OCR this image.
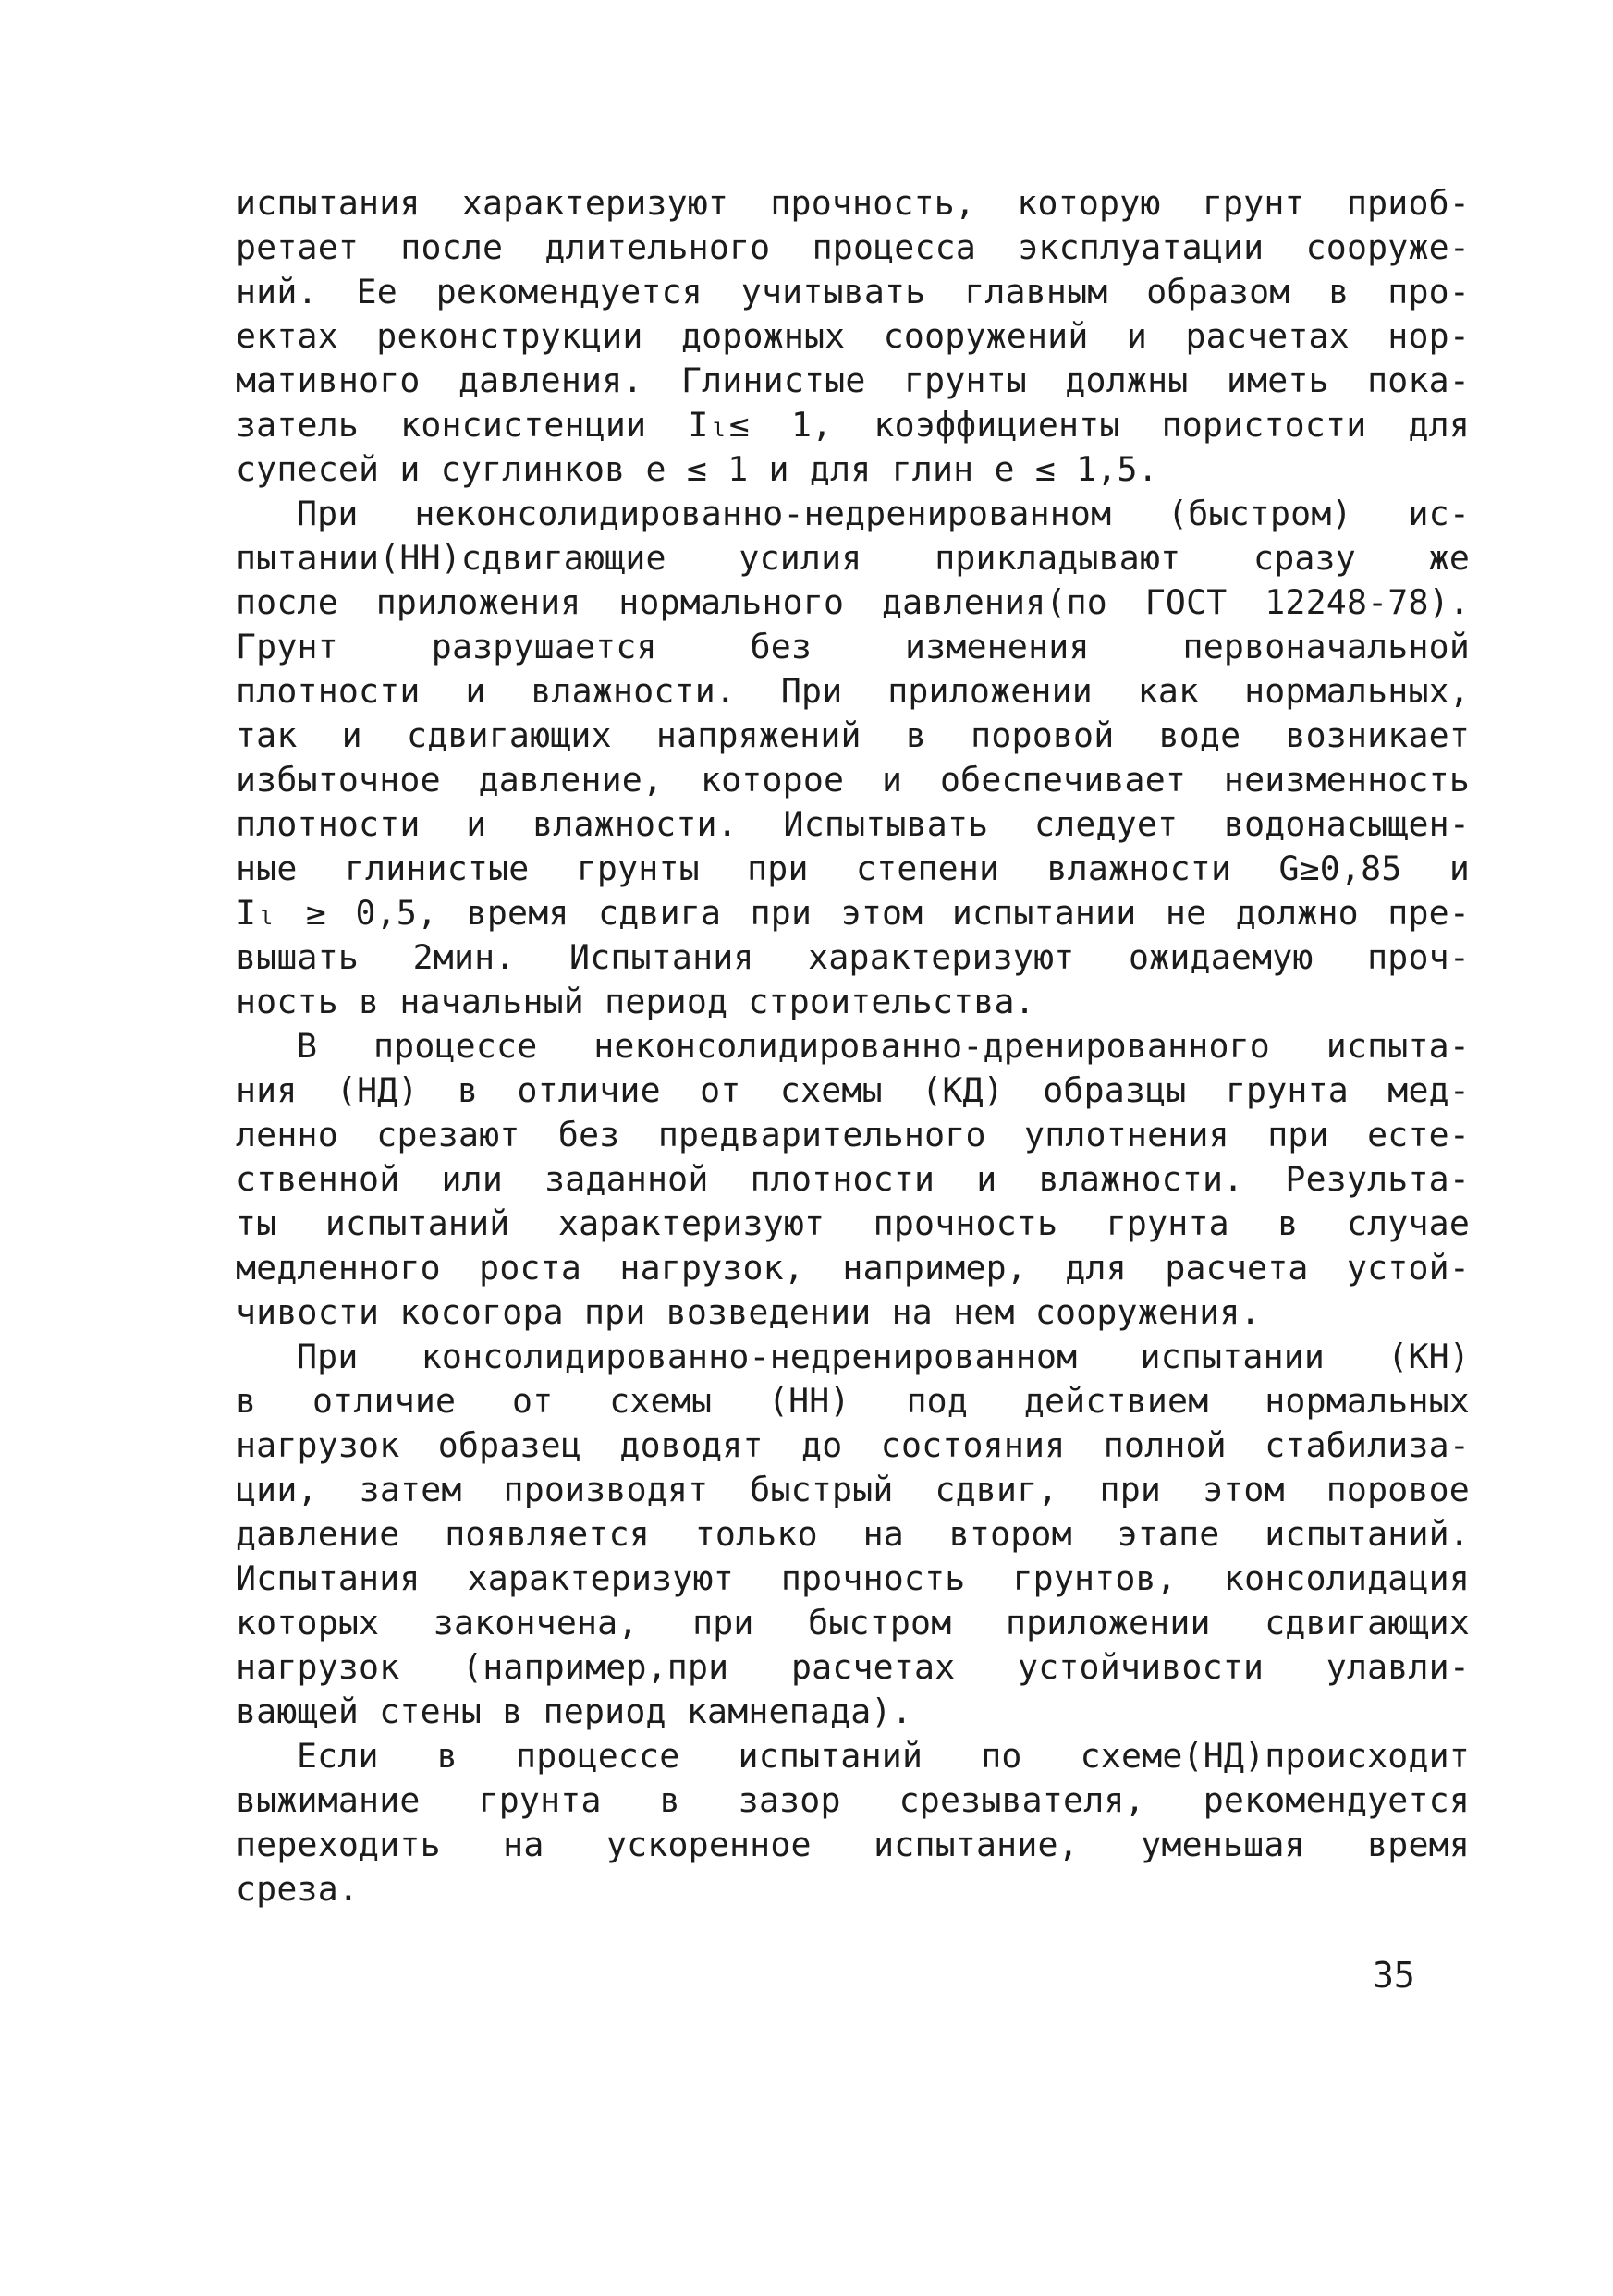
испытания характеризуют прочность, которую грунт приоб-
ретает после длительного процесса эксплуатации сооруже-
ний. Ее рекомендуется учитывать главным образом в про-
ектах реконструкции дорожных сооружений и расчетах нор-
мативного давления. Глинистые грунты должны иметь пока-
затель консистенции Iₗ≤ 1, коэффициенты пористости для
супесей и суглинков e ≤ 1 и для глин e ≤ 1,5.
При неконсолидированно-недренированном (быстром) ис-
пытании(НН)сдвигающие усилия прикладывают сразу же
после приложения нормального давления(по ГОСТ 12248-78).
Грунт разрушается без изменения первоначальной
плотности и влажности. При приложении как нормальных,
так и сдвигающих напряжений в поровой воде возникает
избыточное давление, которое и обеспечивает неизменность
плотности и влажности. Испытывать следует водонасыщен-
ные глинистые грунты при степени влажности G≥0,85 и
Iₗ ≥ 0,5, время сдвига при этом испытании не должно пре-
вышать 2мин. Испытания характеризуют ожидаемую проч-
ность в начальный период строительства.
В процессе неконсолидированно-дренированного испыта-
ния (НД) в отличие от схемы (КД) образцы грунта мед-
ленно срезают без предварительного уплотнения при есте-
ственной или заданной плотности и влажности. Результа-
ты испытаний характеризуют прочность грунта в случае
медленного роста нагрузок, например, для расчета устой-
чивости косогора при возведении на нем сооружения.
При консолидированно-недренированном испытании (КН)
в отличие от схемы (НН) под действием нормальных
нагрузок образец доводят до состояния полной стабилиза-
ции, затем производят быстрый сдвиг, при этом поровое
давление появляется только на втором этапе испытаний.
Испытания характеризуют прочность грунтов, консолидация
которых закончена, при быстром приложении сдвигающих
нагрузок (например,при расчетах устойчивости улавли-
вающей стены в период камнепада).
Если в процессе испытаний по схеме(НД)происходит
выжимание грунта в зазор срезывателя, рекомендуется
переходить на ускоренное испытание, уменьшая время
среза.
35
